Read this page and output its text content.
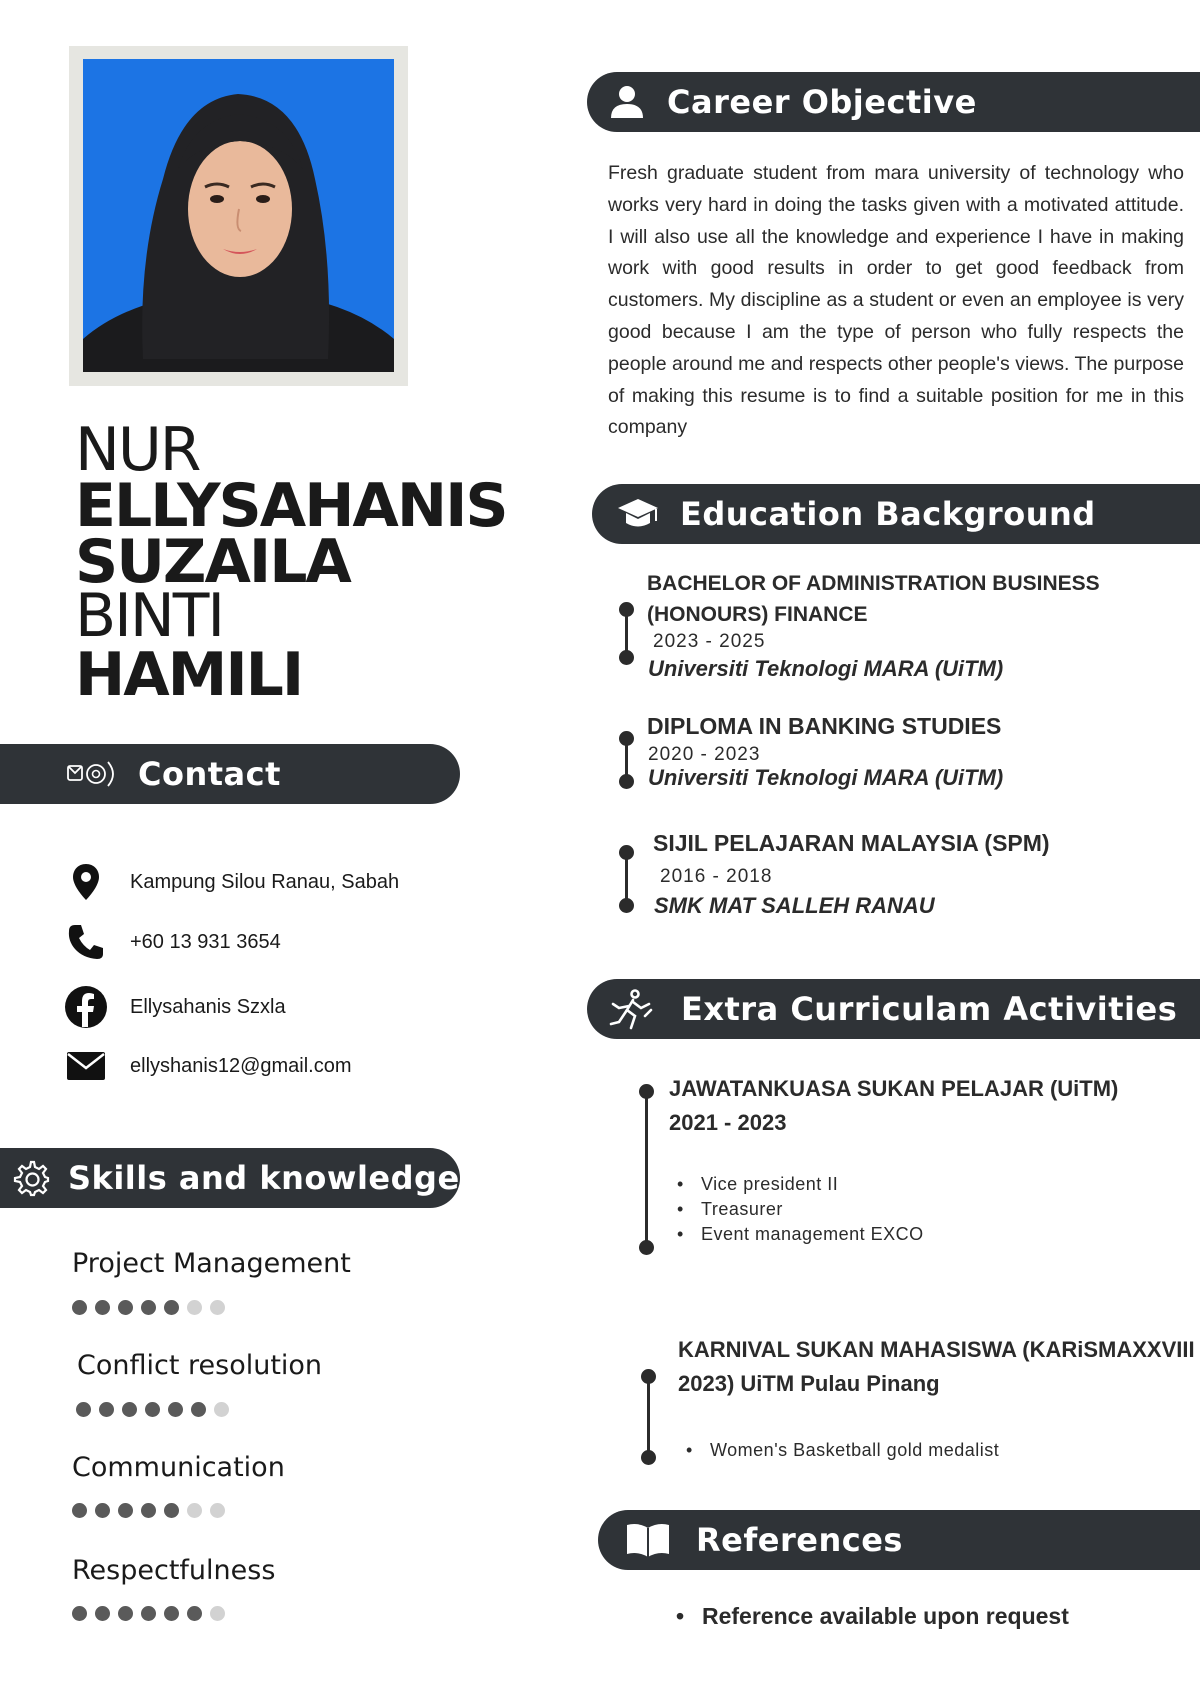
NUR
ELLYSAHANIS
SUZAILA
BINTI
HAMILI
Contact
Kampung Silou Ranau, Sabah
+60 13 931 3654
Ellysahanis Szxla
ellyshanis12@gmail.com
Skills and knowledge
Project Management
Conflict resolution
Communication
Respectfulness
Career Objective
Fresh graduate student from mara university of technology who works very hard in doing the tasks given with a motivated attitude. I will also use all the knowledge and experience I have in making work with good results in order to get good feedback from customers. My discipline as a student or even an employee is very good because I am the type of person who fully respects the people around me and respects other people's views. The purpose of making this resume is to find a suitable position for me in this company
Education Background
BACHELOR OF ADMINISTRATION BUSINESS (HONOURS) FINANCE
2023 - 2025
Universiti Teknologi MARA (UiTM)
DIPLOMA IN BANKING STUDIES
2020 - 2023
Universiti Teknologi MARA (UiTM)
SIJIL PELAJARAN MALAYSIA (SPM)
2016 - 2018
SMK MAT SALLEH RANAU
Extra Curriculam Activities
JAWATANKUASA SUKAN PELAJAR (UiTM)
2021 - 2023
• Vice president II
• Treasurer
• Event management EXCO
KARNIVAL SUKAN MAHASISWA (KARiSMAXXVIII 2023) UiTM Pulau Pinang
• Women's Basketball gold medalist
References
• Reference available upon request
